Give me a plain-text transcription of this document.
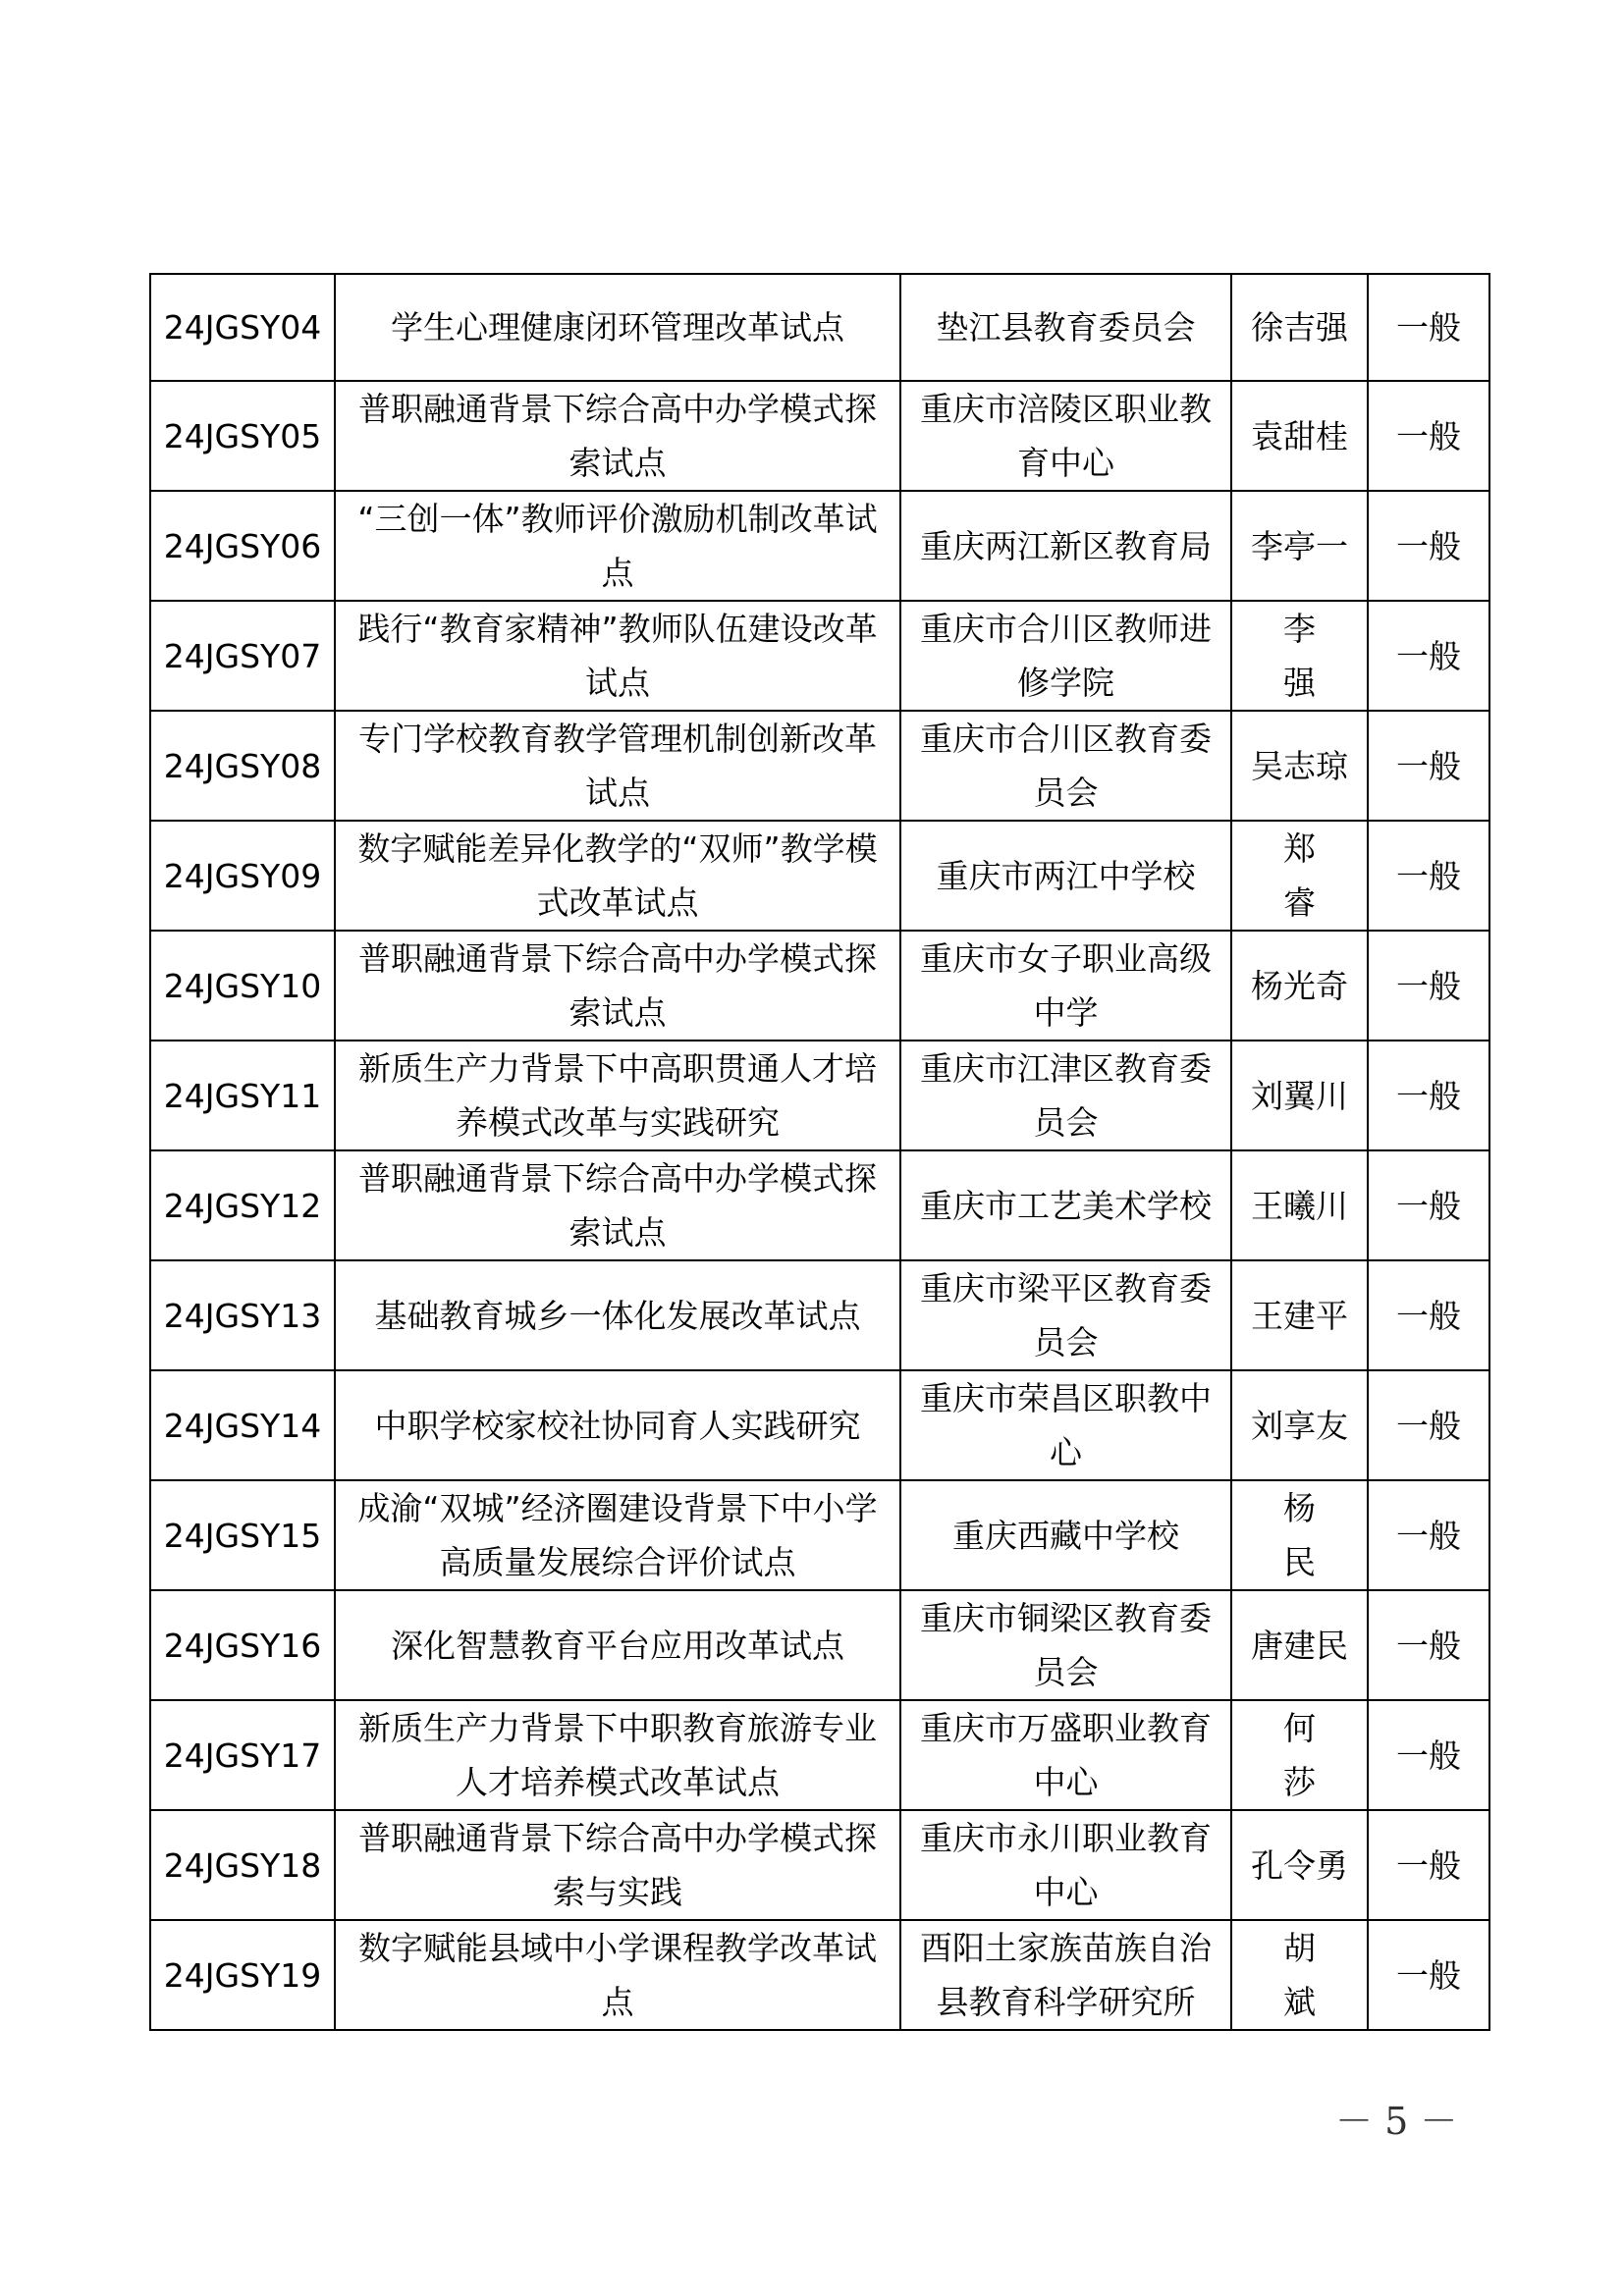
24JGSY04	学生心理健康闭环管理改革试点	垫江县教育委员会	徐吉强	一般
24JGSY05	普职融通背景下综合高中办学模式探索试点	重庆市涪陵区职业教育中心	袁甜桂	一般
24JGSY06	“三创一体”教师评价激励机制改革试点	重庆两江新区教育局	李亭一	一般
24JGSY07	践行“教育家精神”教师队伍建设改革试点	重庆市合川区教师进修学院	李强	一般
24JGSY08	专门学校教育教学管理机制创新改革试点	重庆市合川区教育委员会	吴志琼	一般
24JGSY09	数字赋能差异化教学的“双师”教学模式改革试点	重庆市两江中学校	郑睿	一般
24JGSY10	普职融通背景下综合高中办学模式探索试点	重庆市女子职业高级中学	杨光奇	一般
24JGSY11	新质生产力背景下中高职贯通人才培养模式改革与实践研究	重庆市江津区教育委员会	刘翼川	一般
24JGSY12	普职融通背景下综合高中办学模式探索试点	重庆市工艺美术学校	王曦川	一般
24JGSY13	基础教育城乡一体化发展改革试点	重庆市梁平区教育委员会	王建平	一般
24JGSY14	中职学校家校社协同育人实践研究	重庆市荣昌区职教中心	刘享友	一般
24JGSY15	成渝“双城”经济圈建设背景下中小学高质量发展综合评价试点	重庆西藏中学校	杨民	一般
24JGSY16	深化智慧教育平台应用改革试点	重庆市铜梁区教育委员会	唐建民	一般
24JGSY17	新质生产力背景下中职教育旅游专业人才培养模式改革试点	重庆市万盛职业教育中心	何莎	一般
24JGSY18	普职融通背景下综合高中办学模式探索与实践	重庆市永川职业教育中心	孔令勇	一般
24JGSY19	数字赋能县域中小学课程教学改革试点	酉阳土家族苗族自治县教育科学研究所	胡斌	一般
－ 5 －
